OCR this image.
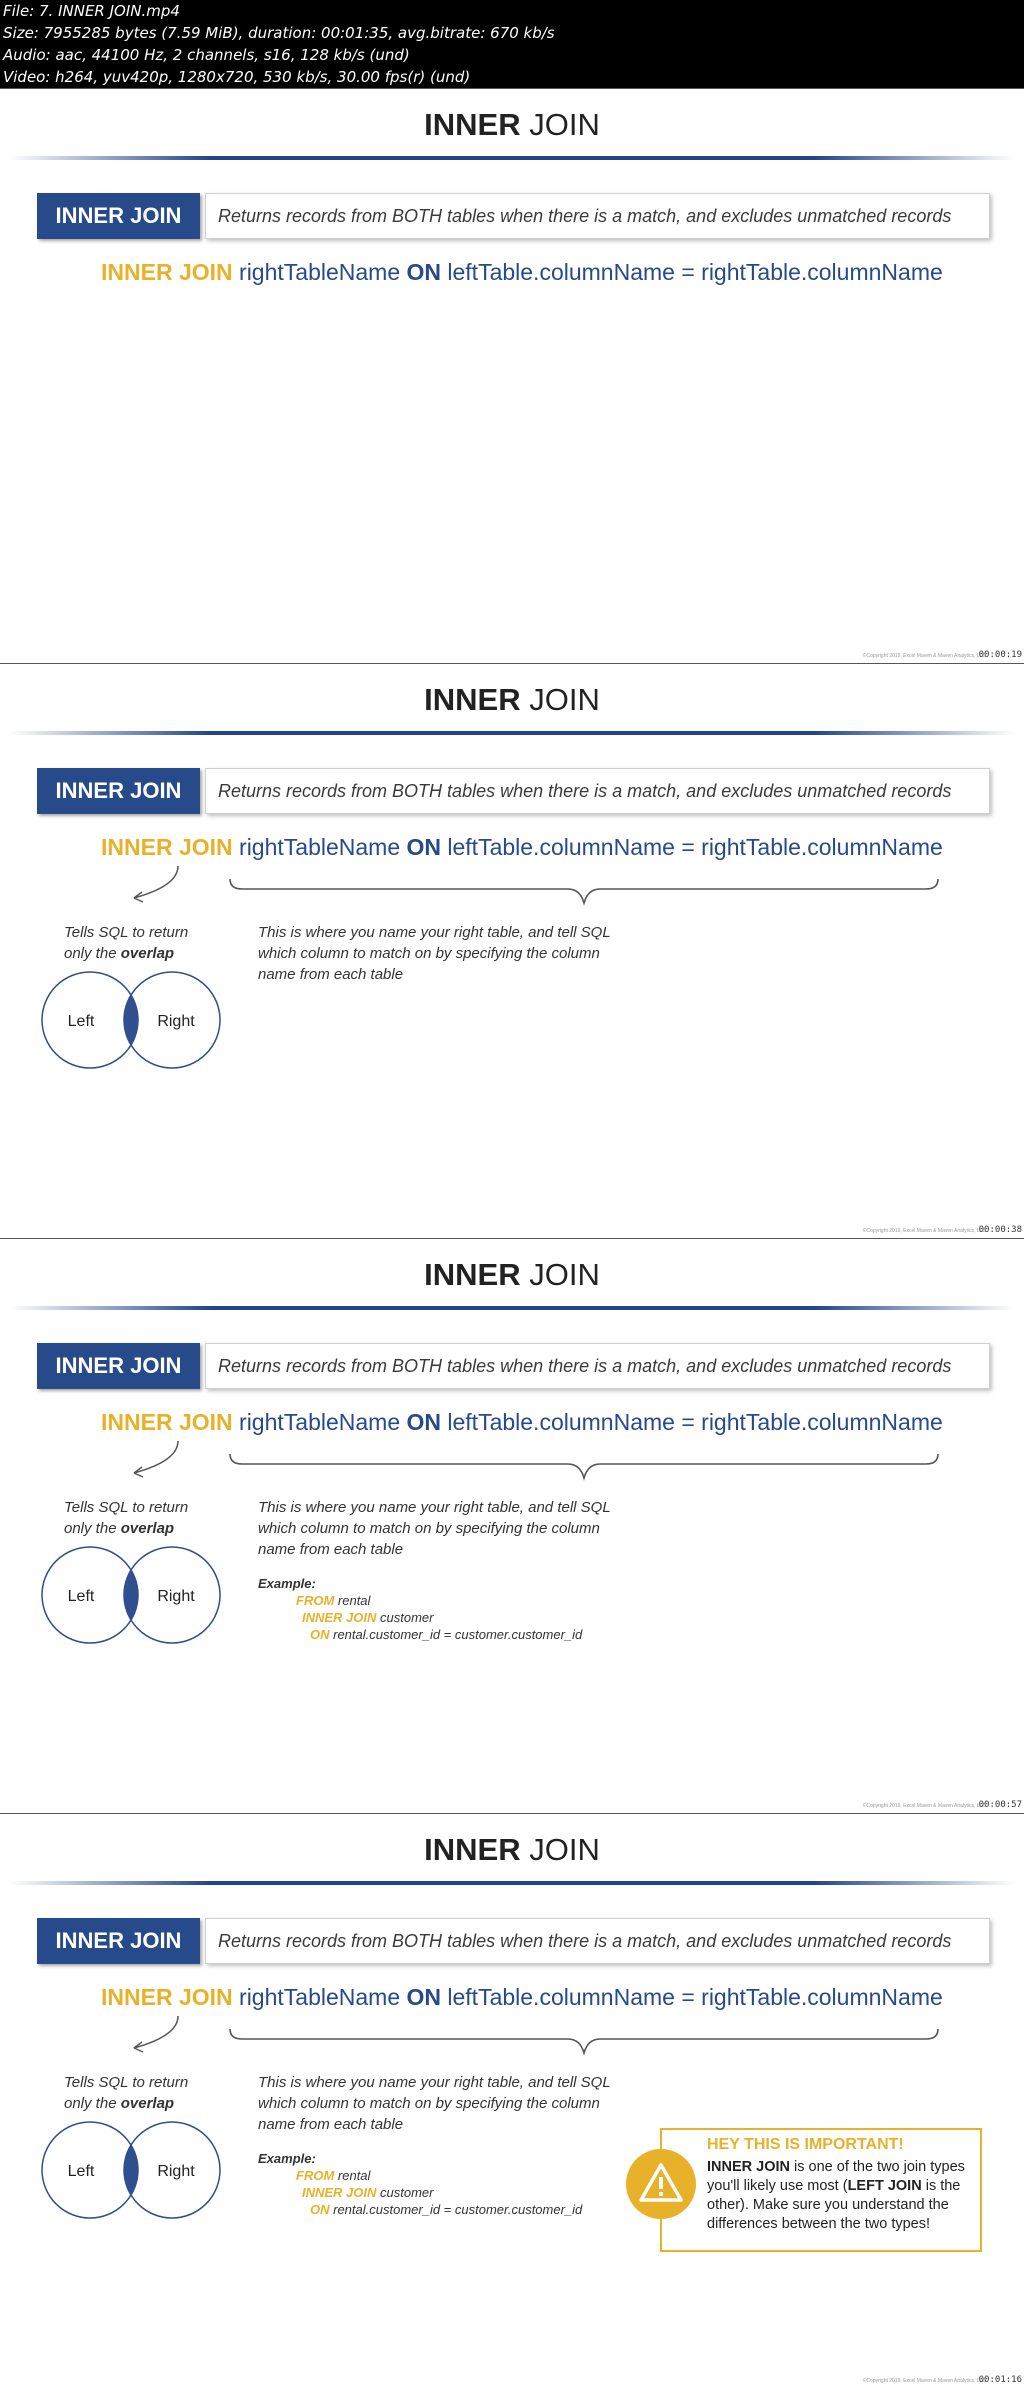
File: 7. INNER JOIN.mp4
Size: 7955285 bytes (7.59 MiB), duration: 00:01:35, avg.bitrate: 670 kb/s
Audio: aac, 44100 Hz, 2 channels, s16, 128 kb/s (und)
Video: h264, yuv420p, 1280x720, 530 kb/s, 30.00 fps(r) (und)
INNER JOIN
INNER JOIN	Returns records from BOTH tables when there is a match, and excludes unmatched records
INNER JOIN rightTableName ON leftTable.columnName = rightTable.columnName
©Copyright 2019, Excel Maven & Maven Analytics, LLC
00:00:19
INNER JOIN
INNER JOIN	Returns records from BOTH tables when there is a match, and excludes unmatched records
INNER JOIN rightTableName ON leftTable.columnName = rightTable.columnName
Tells SQL to return
only the overlap
Left	Right
This is where you name your right table, and tell SQL which column to match on by specifying the column name from each table
©Copyright 2019, Excel Maven & Maven Analytics, LLC
00:00:38
INNER JOIN
INNER JOIN	Returns records from BOTH tables when there is a match, and excludes unmatched records
INNER JOIN rightTableName ON leftTable.columnName = rightTable.columnName
Tells SQL to return
only the overlap
Left	Right
This is where you name your right table, and tell SQL which column to match on by specifying the column name from each table
Example:
FROM rental
INNER JOIN customer
ON rental.customer_id = customer.customer_id
©Copyright 2019, Excel Maven & Maven Analytics, LLC
00:00:57
INNER JOIN
INNER JOIN	Returns records from BOTH tables when there is a match, and excludes unmatched records
INNER JOIN rightTableName ON leftTable.columnName = rightTable.columnName
Tells SQL to return
only the overlap
Left	Right
This is where you name your right table, and tell SQL which column to match on by specifying the column name from each table
Example:
FROM rental
INNER JOIN customer
ON rental.customer_id = customer.customer_id
HEY THIS IS IMPORTANT!
INNER JOIN is one of the two join types you'll likely use most (LEFT JOIN is the other). Make sure you understand the differences between the two types!
©Copyright 2019, Excel Maven & Maven Analytics, LLC
00:01:16
